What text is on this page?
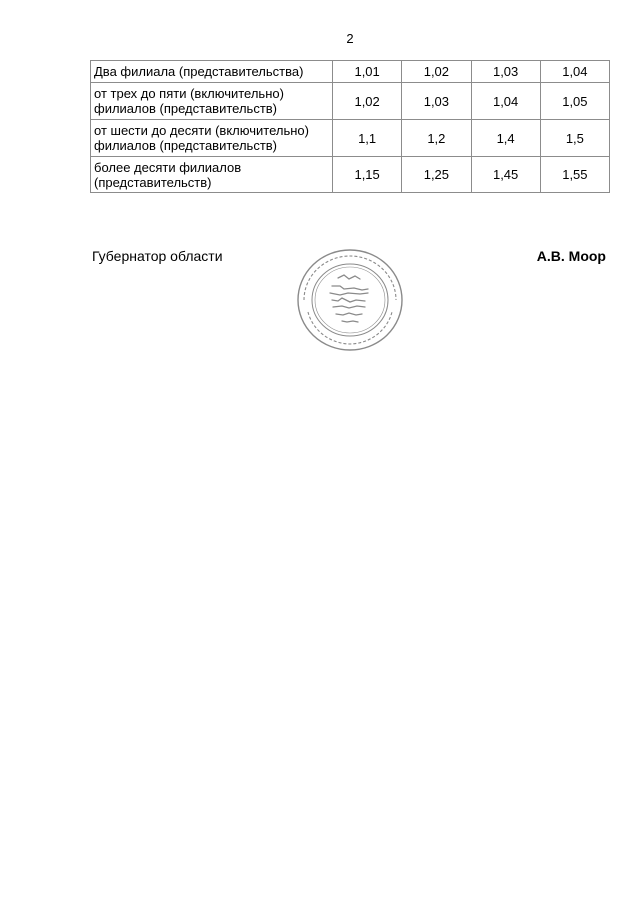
2
Два филиала (представительства)	1,01	1,02	1,03	1,04
от трех до пяти (включительно) филиалов (представительств)	1,02	1,03	1,04	1,05
от шести до десяти (включительно) филиалов (представительств)	1,1	1,2	1,4	1,5
более десяти филиалов (представительств)	1,15	1,25	1,45	1,55
Губернатор области	А.В. Моор
